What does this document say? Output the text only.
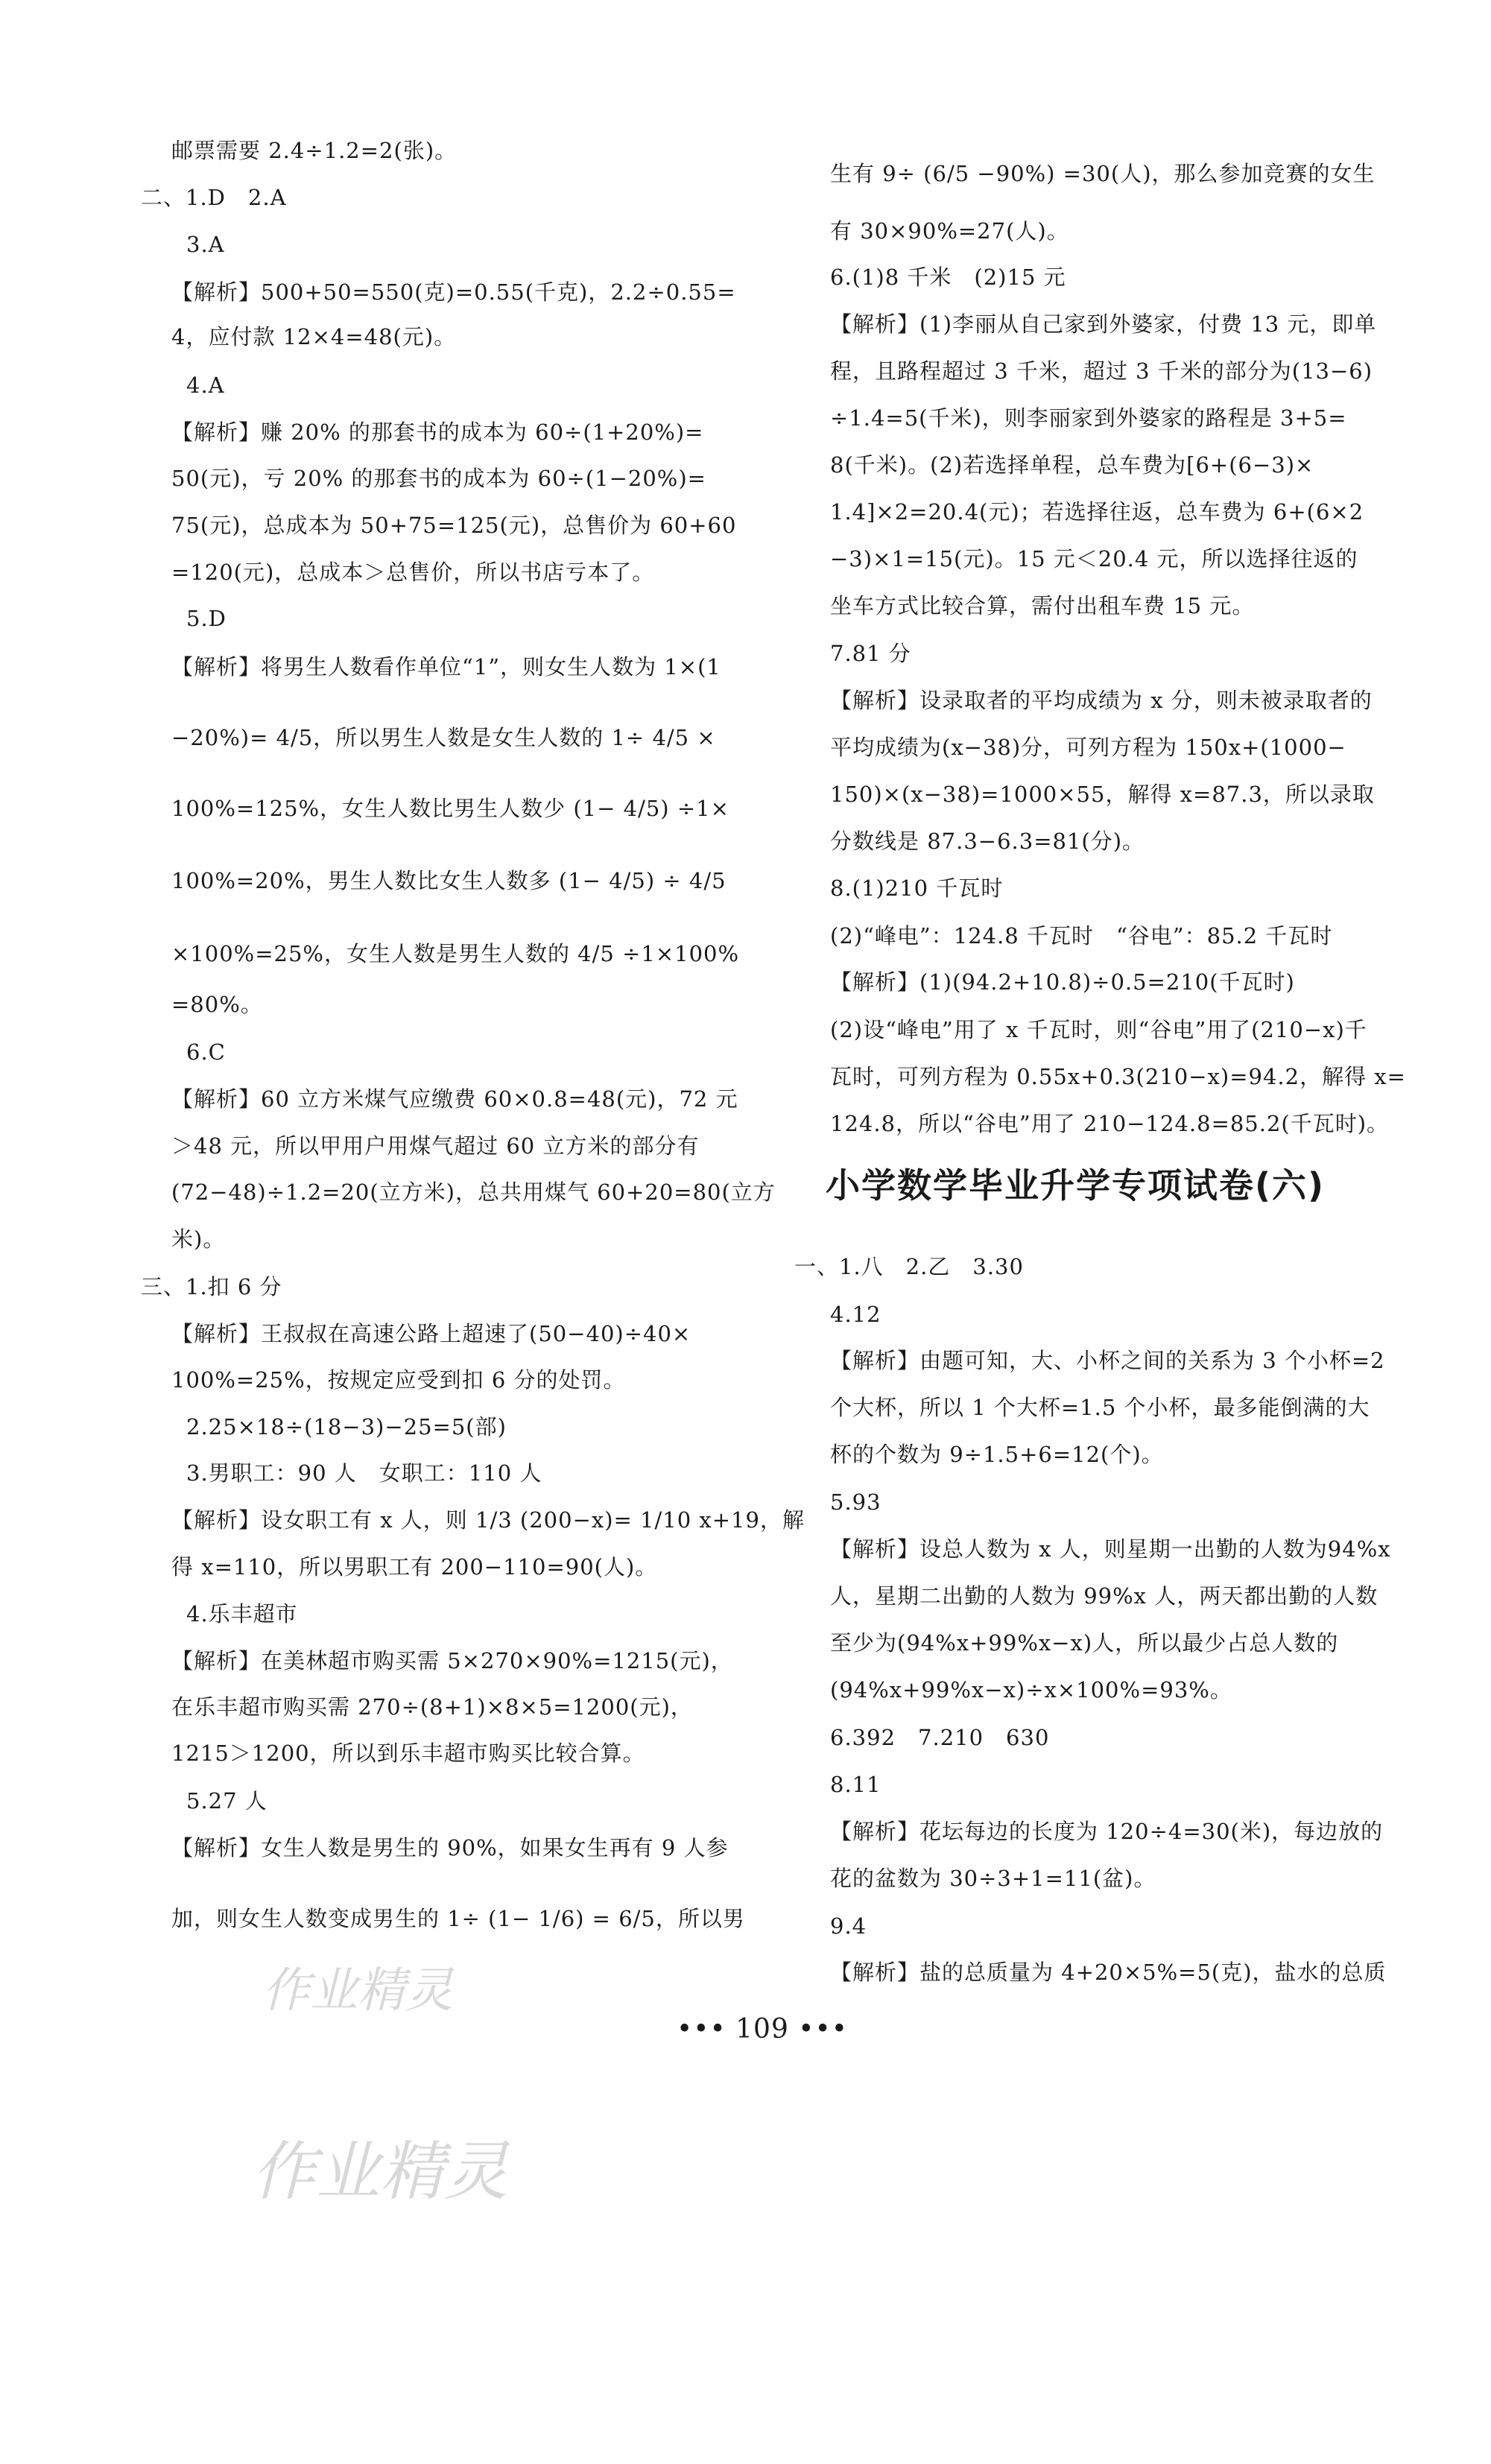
邮票需要 2.4÷1.2=2(张)。
二、1.D　2.A
3.A
【解析】500+50=550(克)=0.55(千克)，2.2÷0.55=
4，应付款 12×4=48(元)。
4.A
【解析】赚 20% 的那套书的成本为 60÷(1+20%)=
50(元)，亏 20% 的那套书的成本为 60÷(1−20%)=
75(元)，总成本为 50+75=125(元)，总售价为 60+60
=120(元)，总成本＞总售价，所以书店亏本了。
5.D
【解析】将男生人数看作单位“1”，则女生人数为 1×(1
−20%)= 4/5，所以男生人数是女生人数的 1÷ 4/5 ×
100%=125%，女生人数比男生人数少 (1− 4/5) ÷1×
100%=20%，男生人数比女生人数多 (1− 4/5) ÷ 4/5
×100%=25%，女生人数是男生人数的 4/5 ÷1×100%
=80%。
6.C
【解析】60 立方米煤气应缴费 60×0.8=48(元)，72 元
＞48 元，所以甲用户用煤气超过 60 立方米的部分有
(72−48)÷1.2=20(立方米)，总共用煤气 60+20=80(立方
米)。
三、1.扣 6 分
【解析】王叔叔在高速公路上超速了(50−40)÷40×
100%=25%，按规定应受到扣 6 分的处罚。
2.25×18÷(18−3)−25=5(部)
3.男职工：90 人　女职工：110 人
【解析】设女职工有 x 人，则 1/3 (200−x)= 1/10 x+19，解
得 x=110，所以男职工有 200−110=90(人)。
4.乐丰超市
【解析】在美林超市购买需 5×270×90%=1215(元)，
在乐丰超市购买需 270÷(8+1)×8×5=1200(元)，
1215＞1200，所以到乐丰超市购买比较合算。
5.27 人
【解析】女生人数是男生的 90%，如果女生再有 9 人参
加，则女生人数变成男生的 1÷ (1− 1/6) = 6/5，所以男
生有 9÷ (6/5 −90%) =30(人)，那么参加竞赛的女生
有 30×90%=27(人)。
6.(1)8 千米　(2)15 元
【解析】(1)李丽从自己家到外婆家，付费 13 元，即单
程，且路程超过 3 千米，超过 3 千米的部分为(13−6)
÷1.4=5(千米)，则李丽家到外婆家的路程是 3+5=
8(千米)。(2)若选择单程，总车费为[6+(6−3)×
1.4]×2=20.4(元)；若选择往返，总车费为 6+(6×2
−3)×1=15(元)。15 元＜20.4 元，所以选择往返的
坐车方式比较合算，需付出租车费 15 元。
7.81 分
【解析】设录取者的平均成绩为 x 分，则未被录取者的
平均成绩为(x−38)分，可列方程为 150x+(1000−
150)×(x−38)=1000×55，解得 x=87.3，所以录取
分数线是 87.3−6.3=81(分)。
8.(1)210 千瓦时
(2)“峰电”：124.8 千瓦时　“谷电”：85.2 千瓦时
【解析】(1)(94.2+10.8)÷0.5=210(千瓦时)
(2)设“峰电”用了 x 千瓦时，则“谷电”用了(210−x)千
瓦时，可列方程为 0.55x+0.3(210−x)=94.2，解得 x=
124.8，所以“谷电”用了 210−124.8=85.2(千瓦时)。
小学数学毕业升学专项试卷(六)
一、1.八　2.乙　3.30
4.12
【解析】由题可知，大、小杯之间的关系为 3 个小杯=2
个大杯，所以 1 个大杯=1.5 个小杯，最多能倒满的大
杯的个数为 9÷1.5+6=12(个)。
5.93
【解析】设总人数为 x 人，则星期一出勤的人数为94%x
人，星期二出勤的人数为 99%x 人，两天都出勤的人数
至少为(94%x+99%x−x)人，所以最少占总人数的
(94%x+99%x−x)÷x×100%=93%。
6.392　7.210　630
8.11
【解析】花坛每边的长度为 120÷4=30(米)，每边放的
花的盆数为 30÷3+1=11(盆)。
9.4
【解析】盐的总质量为 4+20×5%=5(克)，盐水的总质
••• 109 •••
作业精灵
作业精灵
